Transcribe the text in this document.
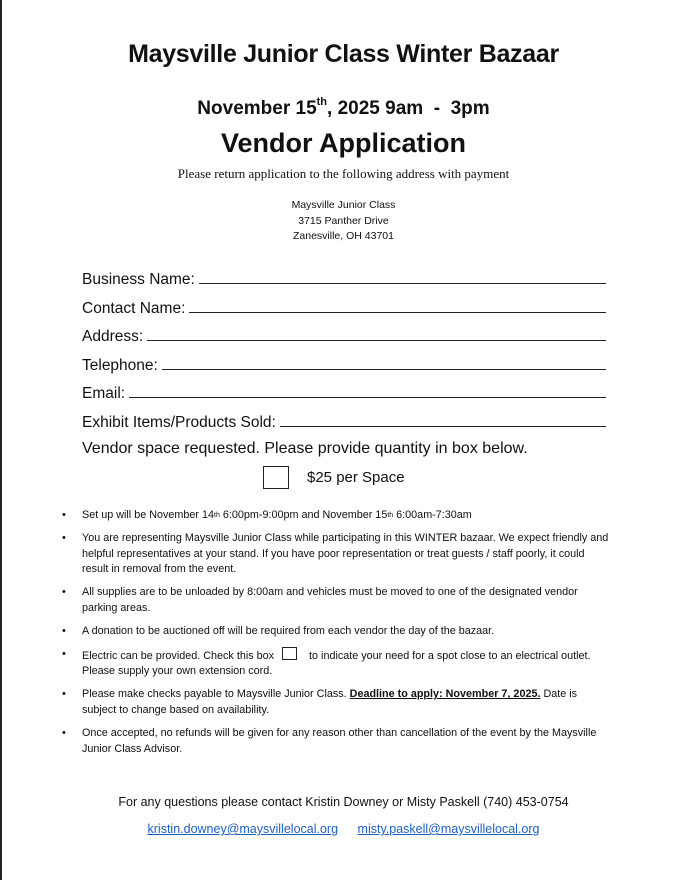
Maysville Junior Class Winter Bazaar
November 15th, 2025 9am  -  3pm
Vendor Application
Please return application to the following address with payment
Maysville Junior Class
3715 Panther Drive
Zanesville, OH 43701
Business Name:
Contact Name:
Address:
Telephone:
Email:
Exhibit Items/Products Sold:
Vendor space requested. Please provide quantity in box below.
$25 per Space
• Set up will be November 14th 6:00pm-9:00pm and November 15th 6:00am-7:30am
• You are representing Maysville Junior Class while participating in this WINTER bazaar. We expect friendly and helpful representatives at your stand. If you have poor representation or treat guests / staff poorly, it could result in removal from the event.
• All supplies are to be unloaded by 8:00am and vehicles must be moved to one of the designated vendor parking areas.
• A donation to be auctioned off will be required from each vendor the day of the bazaar.
• Electric can be provided. Check this box	to indicate your need for a spot close to an electrical outlet. Please supply your own extension cord.
• Please make checks payable to Maysville Junior Class. Deadline to apply: November 7, 2025. Date is subject to change based on availability.
• Once accepted, no refunds will be given for any reason other than cancellation of the event by the Maysville Junior Class Advisor.
For any questions please contact Kristin Downey or Misty Paskell (740) 453-0754
kristin.downey@maysvillelocal.org misty.paskell@maysvillelocal.org
